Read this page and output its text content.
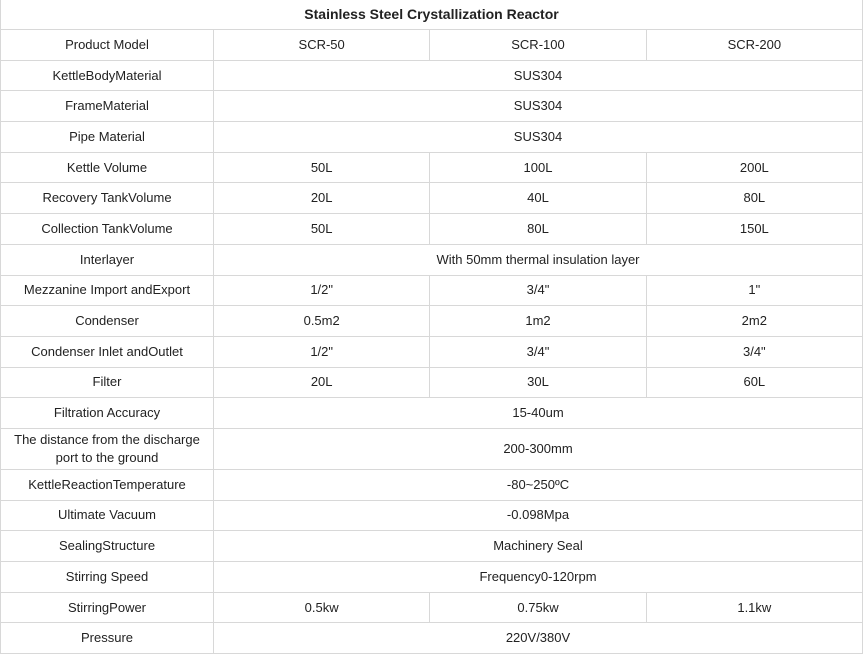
Stainless Steel Crystallization Reactor
Product Model	SCR-50	SCR-100	SCR-200
KettleBodyMaterial	SUS304		
FrameMaterial	SUS304		
Pipe Material	SUS304		
Kettle Volume	50L	100L	200L
Recovery TankVolume	20L	40L	80L
Collection TankVolume	50L	80L	150L
Interlayer	With 50mm thermal insulation layer		
Mezzanine Import andExport	1/2"	3/4"	1"
Condenser	0.5m2	1m2	2m2
Condenser Inlet andOutlet	1/2"	3/4"	3/4"
Filter	20L	30L	60L
Filtration Accuracy	15-40um		
The distance from the discharge port to the ground	200-300mm		
KettleReactionTemperature	-80~250ºC		
Ultimate Vacuum	-0.098Mpa		
SealingStructure	Machinery Seal		
Stirring Speed	Frequency0-120rpm		
StirringPower	0.5kw	0.75kw	1.1kw
Pressure	220V/380V		
